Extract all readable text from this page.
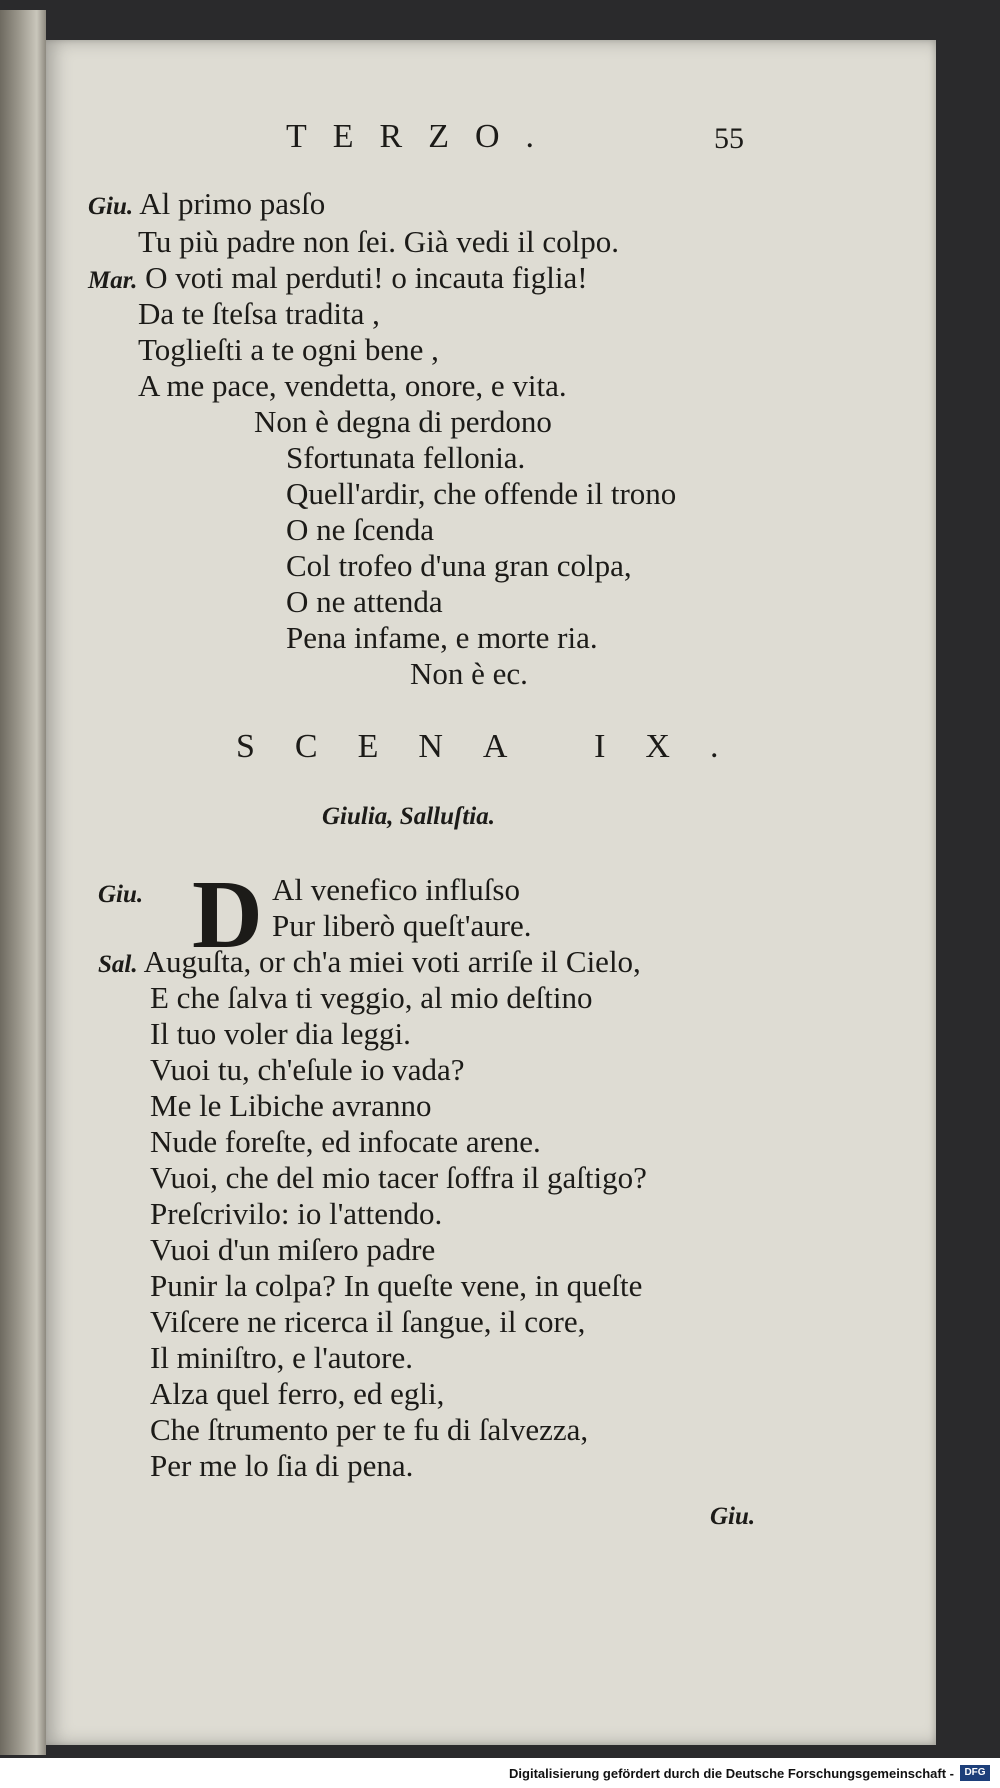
TERZO.	55
Giu. Al primo pasſo
Tu più padre non ſei. Già vedi il colpo.
Mar. O voti mal perduti! o incauta figlia!
Da te ſteſsa tradita ,
Toglieſti a te ogni bene ,
A me pace, vendetta, onore, e vita.
Non è degna di perdono
Sfortunata fellonia.
Quell'ardir, che offende il trono
O ne ſcenda
Col trofeo d'una gran colpa,
O ne attenda
Pena infame, e morte ria.
Non è ec.
SCENA IX.
Giulia, Salluſtia.
D
Giu.	Al venefico influſso
Pur liberò queſt'aure.
Sal. Auguſta, or ch'a miei voti arriſe il Cielo,
E che ſalva ti veggio, al mio deſtino
Il tuo voler dia leggi.
Vuoi tu, ch'eſule io vada?
Me le Libiche avranno
Nude foreſte, ed infocate arene.
Vuoi, che del mio tacer ſoffra il gaſtigo?
Preſcrivilo: io l'attendo.
Vuoi d'un miſero padre
Punir la colpa? In queſte vene, in queſte
Viſcere ne ricerca il ſangue, il core,
Il miniſtro, e l'autore.
Alza quel ferro, ed egli,
Che ſtrumento per te fu di ſalvezza,
Per me lo ſia di pena.
Giu.
Digitalisierung gefördert durch die Deutsche Forschungsgemeinschaft -	DFG
